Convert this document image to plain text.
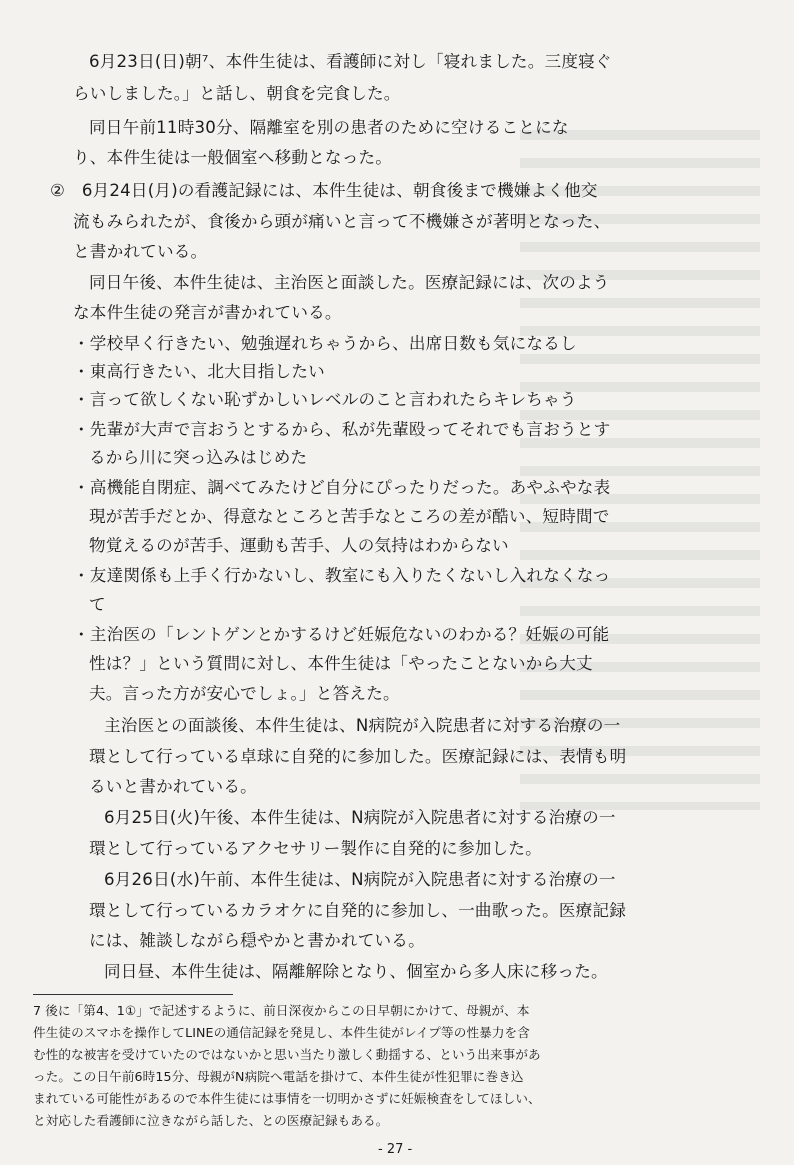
6月23日(日)朝⁷、本件生徒は、看護師に対し「寝れました。三度寝ぐ
らいしました。」と話し、朝食を完食した。
同日午前11時30分、隔離室を別の患者のために空けることにな
り、本件生徒は一般個室へ移動となった。
②　6月24日(月)の看護記録には、本件生徒は、朝食後まで機嫌よく他交
流もみられたが、食後から頭が痛いと言って不機嫌さが著明となった、
と書かれている。
同日午後、本件生徒は、主治医と面談した。医療記録には、次のよう
な本件生徒の発言が書かれている。
・学校早く行きたい、勉強遅れちゃうから、出席日数も気になるし
・東高行きたい、北大目指したい
・言って欲しくない恥ずかしいレベルのこと言われたらキレちゃう
・先輩が大声で言おうとするから、私が先輩殴ってそれでも言おうとす
るから川に突っ込みはじめた
・高機能自閉症、調べてみたけど自分にぴったりだった。あやふやな表
現が苦手だとか、得意なところと苦手なところの差が酷い、短時間で
物覚えるのが苦手、運動も苦手、人の気持はわからない
・友達関係も上手く行かないし、教室にも入りたくないし入れなくなっ
て
・主治医の「レントゲンとかするけど妊娠危ないのわかる？妊娠の可能
性は？」という質問に対し、本件生徒は「やったことないから大丈
夫。言った方が安心でしょ。」と答えた。
主治医との面談後、本件生徒は、N病院が入院患者に対する治療の一
環として行っている卓球に自発的に参加した。医療記録には、表情も明
るいと書かれている。
6月25日(火)午後、本件生徒は、N病院が入院患者に対する治療の一
環として行っているアクセサリー製作に自発的に参加した。
6月26日(水)午前、本件生徒は、N病院が入院患者に対する治療の一
環として行っているカラオケに自発的に参加し、一曲歌った。医療記録
には、雑談しながら穏やかと書かれている。
同日昼、本件生徒は、隔離解除となり、個室から多人床に移った。
7 後に「第4、1①」で記述するように、前日深夜からこの日早朝にかけて、母親が、本
件生徒のスマホを操作してLINEの通信記録を発見し、本件生徒がレイプ等の性暴力を含
む性的な被害を受けていたのではないかと思い当たり激しく動揺する、という出来事があ
った。この日午前6時15分、母親がN病院へ電話を掛けて、本件生徒が性犯罪に巻き込
まれている可能性があるので本件生徒には事情を一切明かさずに妊娠検査をしてほしい、
と対応した看護師に泣きながら話した、との医療記録もある。
- 27 -
